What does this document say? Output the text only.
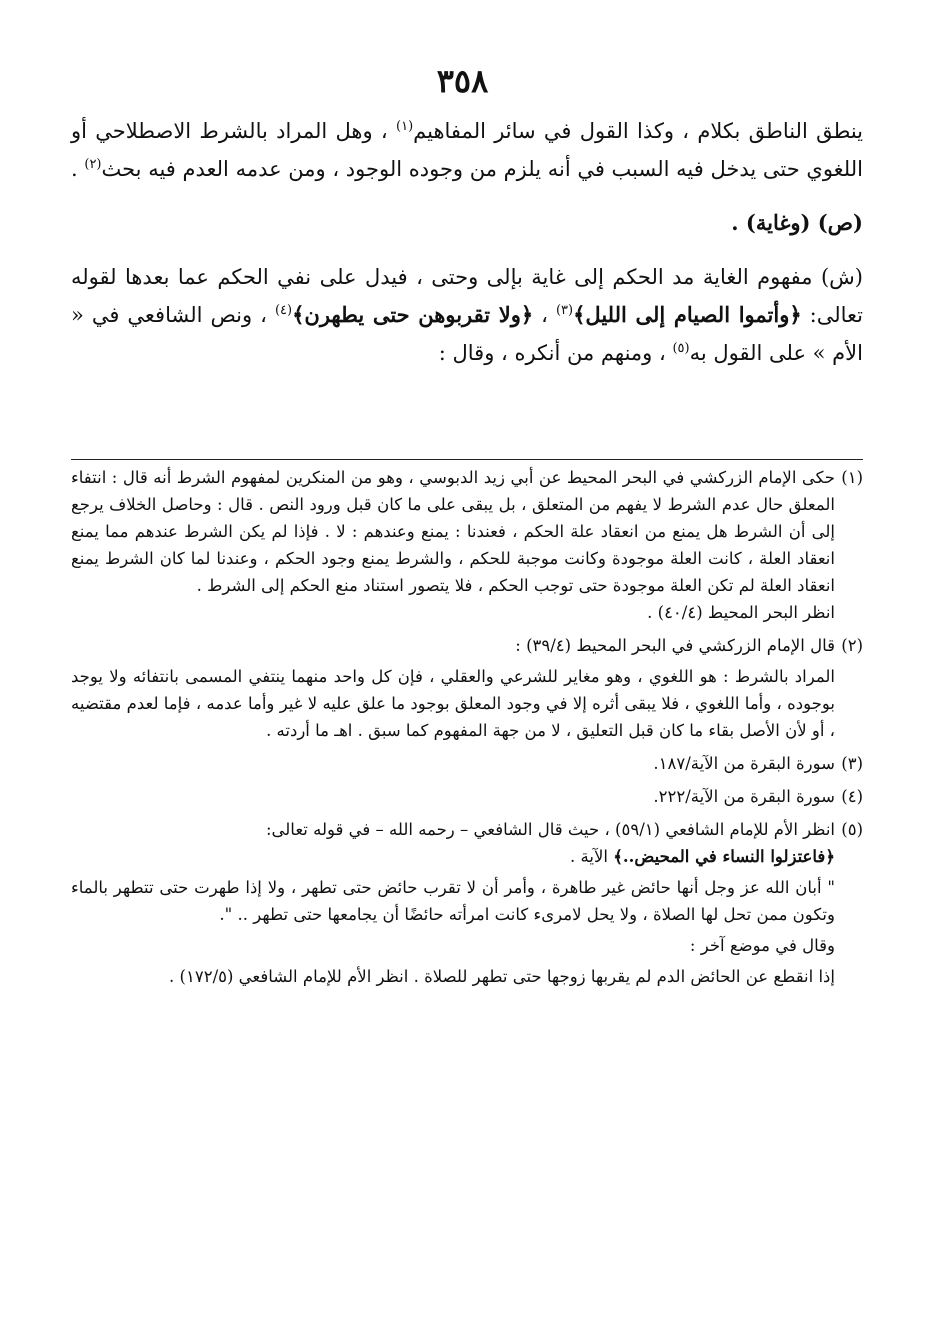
٣٥٨

ينطق الناطق بكلام ، وكذا القول في سائر المفاهيم$^{(١)}$ ، وهل المراد بالشرط الاصطلاحي أو اللغوي حتى يدخل فيه السبب في أنه يلزم من وجوده الوجود ، ومن عدمه العدم فيه بحث$^{(٢)}$ .

(ص) (وغاية) .

(ش) مفهوم الغاية مد الحكم إلى غاية بإلى وحتى ، فيدل على نفي الحكم عما بعدها لقوله تعالى: ﴿وأتموا الصيام إلى الليل﴾$^{(٣)}$ ، ﴿ولا تقربوهن حتى يطهرن﴾$^{(٤)}$ ، ونص الشافعي في « الأم » على القول به$^{(٥)}$ ، ومنهم من أنكره ، وقال :

(١)
حكى الإمام الزركشي في البحر المحيط عن أبي زيد الدبوسي ، وهو من المنكرين لمفهوم الشرط أنه قال : انتفاء المعلق حال عدم الشرط لا يفهم من المتعلق ، بل يبقى على ما كان قبل ورود النص . قال : وحاصل الخلاف يرجع إلى أن الشرط هل يمنع من انعقاد علة الحكم ، فعندنا : يمنع وعندهم : لا . فإذا لم يكن الشرط عندهم مما يمنع انعقاد العلة ، كانت العلة موجودة وكانت موجبة للحكم ، والشرط يمنع وجود الحكم ، وعندنا لما كان الشرط يمنع انعقاد العلة لم تكن العلة موجودة حتى توجب الحكم ، فلا يتصور استناد منع الحكم إلى الشرط .
انظر البحر المحيط (٤٠/٤) .
(٢)
قال الإمام الزركشي في البحر المحيط (٣٩/٤) :
المراد بالشرط : هو اللغوي ، وهو مغاير للشرعي والعقلي ، فإن كل واحد منهما ينتفي المسمى بانتفائه ولا يوجد بوجوده ، وأما اللغوي ، فلا يبقى أثره إلا في وجود المعلق بوجود ما علق عليه لا غير وأما عدمه ، فإما لعدم مقتضيه ، أو لأن الأصل بقاء ما كان قبل التعليق ، لا من جهة المفهوم كما سبق . اهـ ما أردته .
(٣)
سورة البقرة من الآية/١٨٧.
(٤)
سورة البقرة من الآية/٢٢٢.
(٥)
انظر الأم للإمام الشافعي (٥٩/١) ، حيث قال الشافعي – رحمه الله – في قوله تعالى:
﴿فاعتزلوا النساء في المحيض..﴾ الآية .
" أبان الله عز وجل أنها حائض غير طاهرة ، وأمر أن لا تقرب حائض حتى تطهر ، ولا إذا طهرت حتى تتطهر بالماء وتكون ممن تحل لها الصلاة ، ولا يحل لامرىء كانت امرأته حائضًا أن يجامعها حتى تطهر .. ".
وقال في موضع آخر :
إذا انقطع عن الحائض الدم لم يقربها زوجها حتى تطهر للصلاة . انظر الأم للإمام الشافعي (١٧٢/٥) .
